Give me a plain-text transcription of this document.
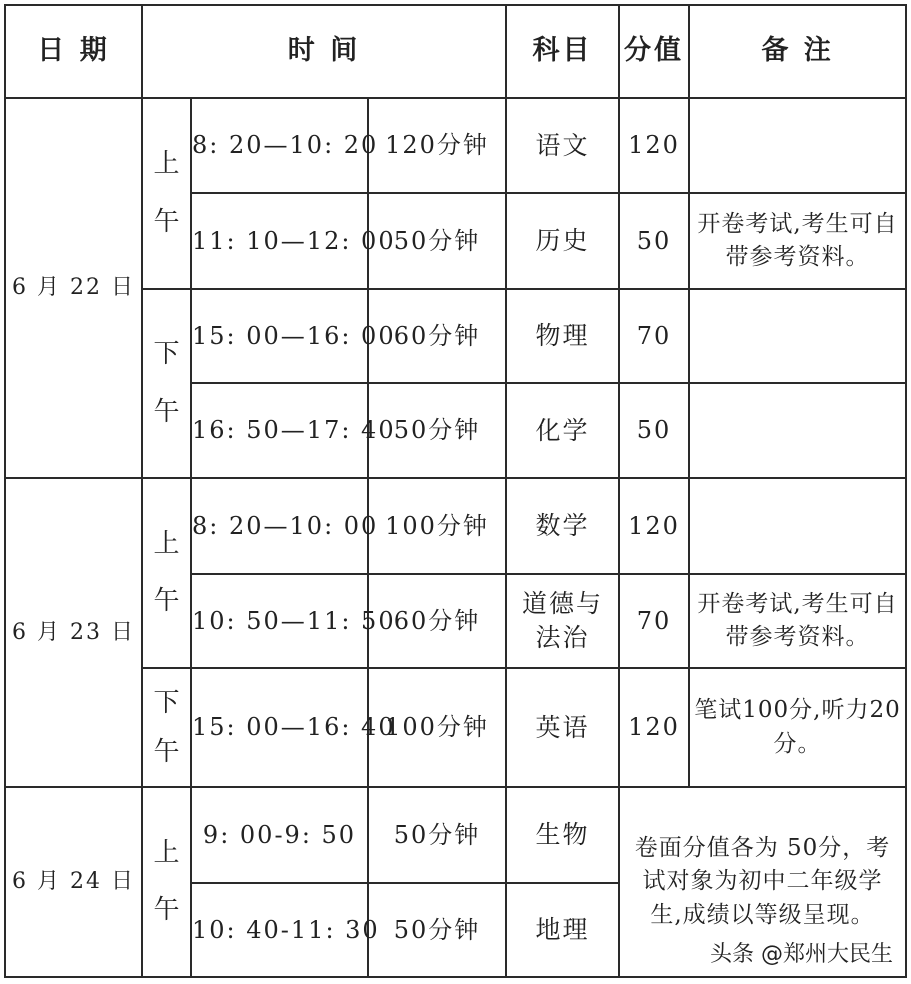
日 期	时 间			科目	分值	备 注
6 月 22 日	上午	8: 20—10: 20	120分钟	语文	120	
		11: 10—12: 00	50分钟	历史	50	开卷考试,考生可自带参考资料。
	下午	15: 00—16: 00	60分钟	物理	70	
		16: 50—17: 40	50分钟	化学	50	
6 月 23 日	上午	8: 20—10: 00	100分钟	数学	120	
		10: 50—11: 50	60分钟	道德与法治	70	开卷考试,考生可自带参考资料。
	下午	15: 00—16: 40	100分钟	英语	120	笔试100分,听力20分。
6 月 24 日	上午	9: 00-9: 50	50分钟	生物	卷面分值各为 50分，考试对象为初中二年级学生,成绩以等级呈现。	
		10: 40-11: 30	50分钟	地理		
头条 @郑州大民生
